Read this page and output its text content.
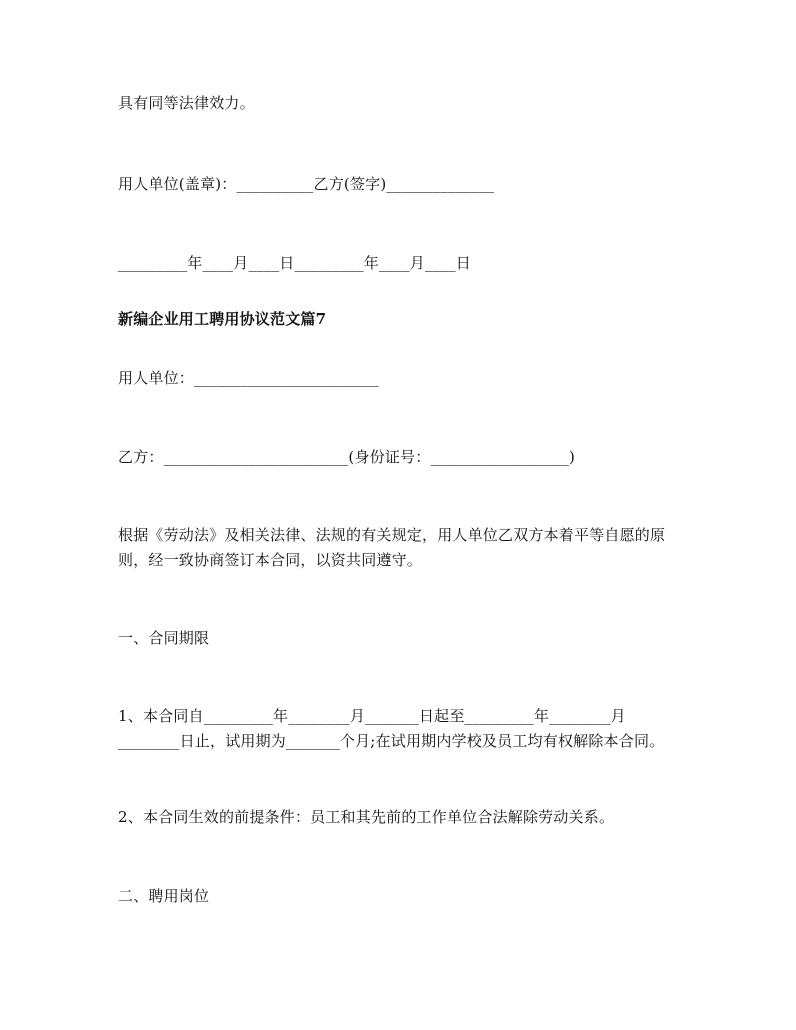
具有同等法律效力。
用人单位(盖章)：__________乙方(签字)______________
_________年____月____日_________年____月____日
新编企业用工聘用协议范文篇7
用人单位：________________________
乙方：________________________(身份证号：__________________)
根据《劳动法》及相关法律、法规的有关规定，用人单位乙双方本着平等自愿的原
则，经一致协商签订本合同，以资共同遵守。
一、合同期限
1、本合同自_________年________月_______日起至_________年________月
________日止，试用期为_______个月;在试用期内学校及员工均有权解除本合同。
2、本合同生效的前提条件：员工和其先前的工作单位合法解除劳动关系。
二、聘用岗位
